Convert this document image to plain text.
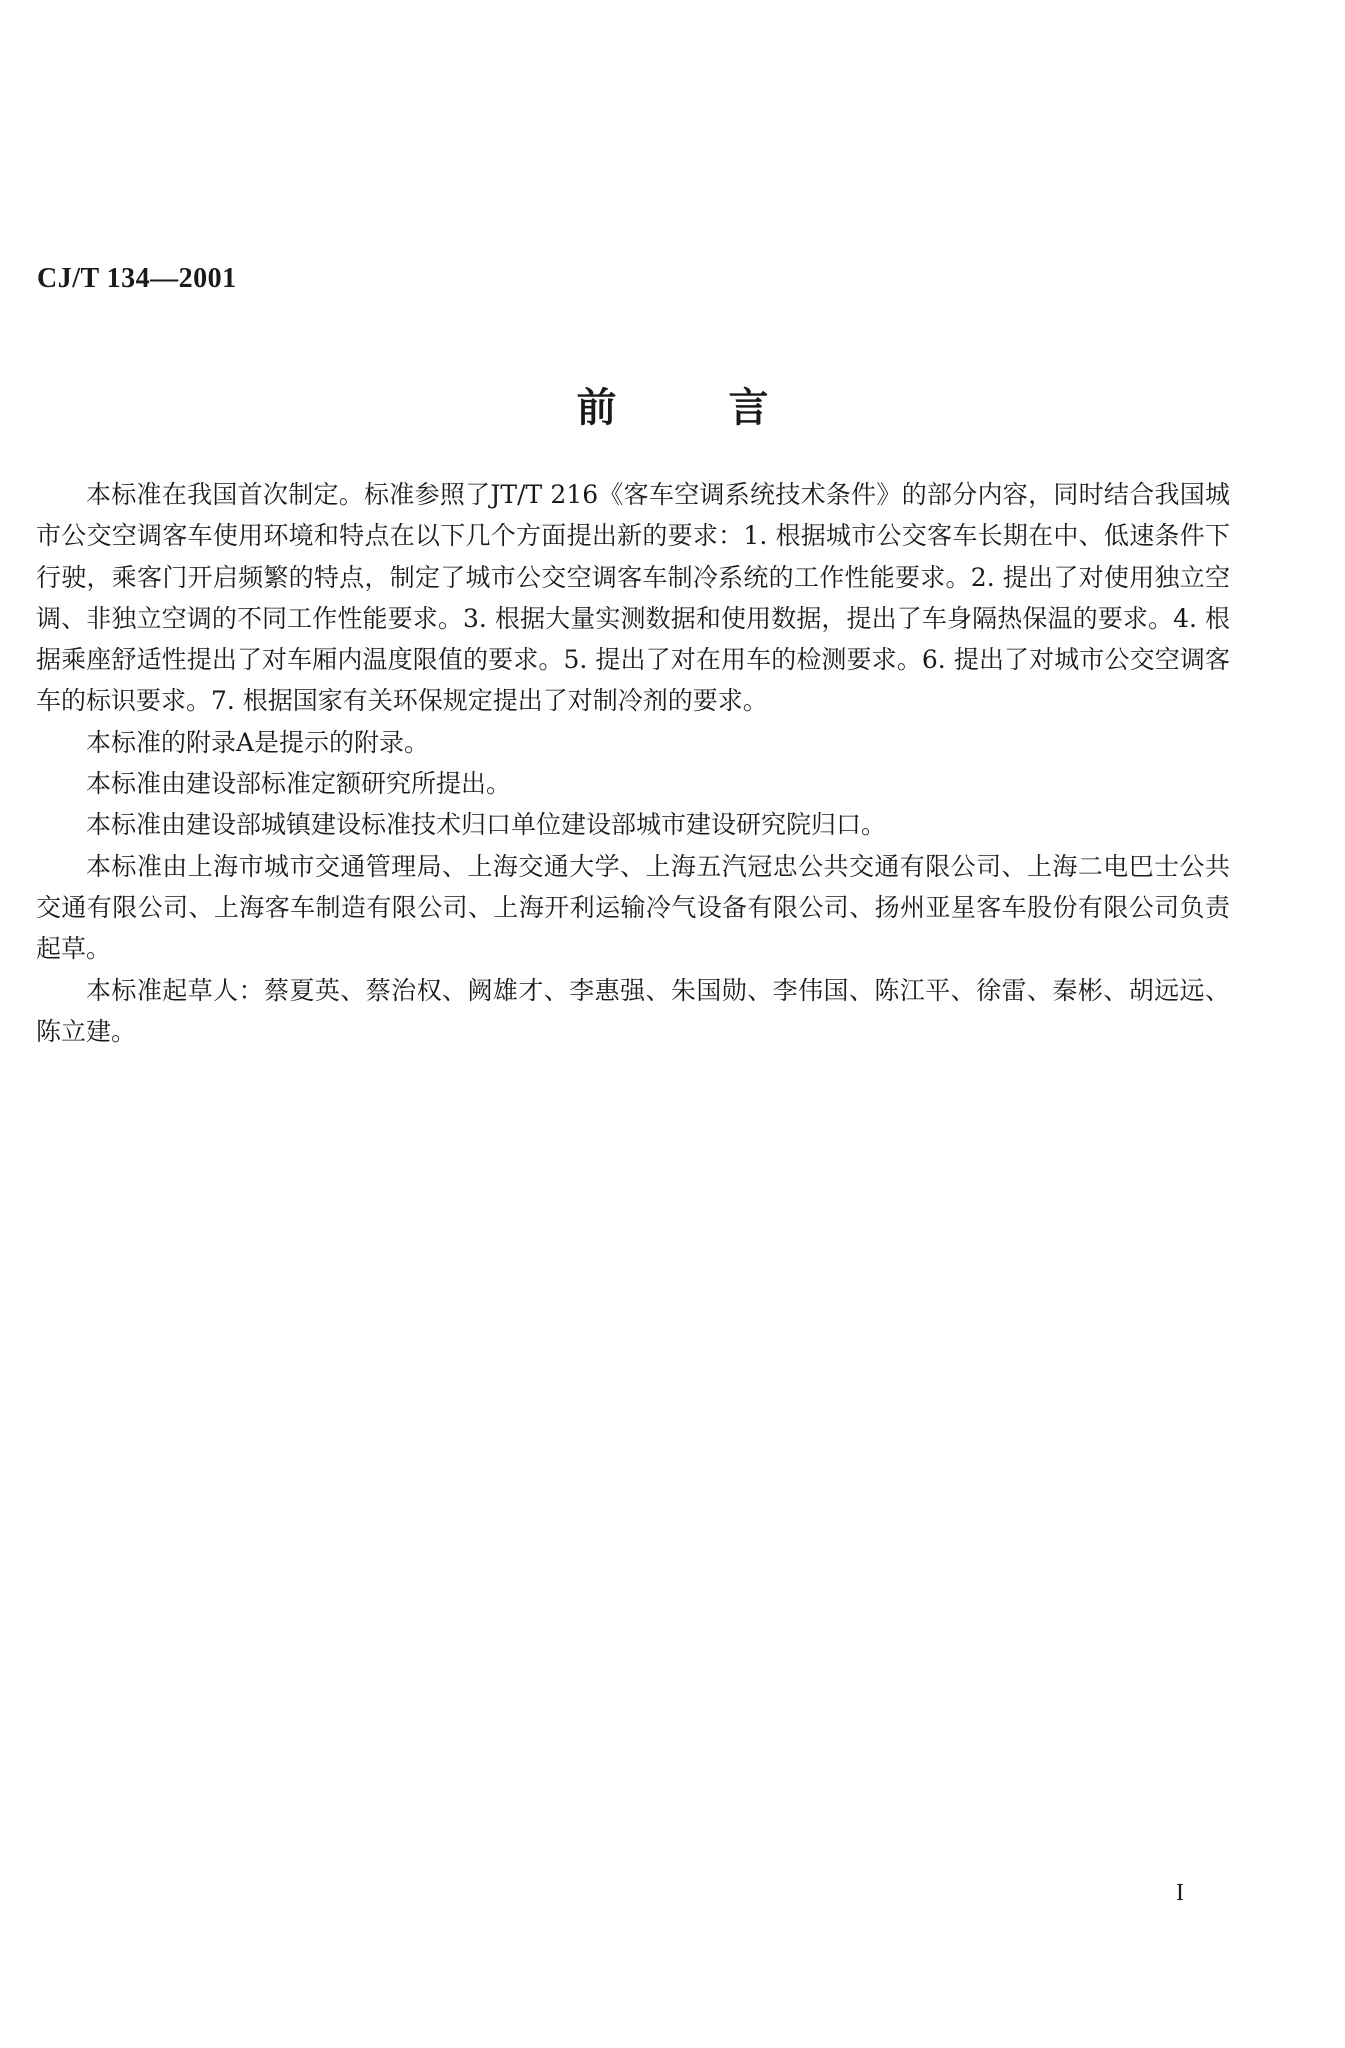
CJ/T 134—2001
前言

本标准在我国首次制定。标准参照了JT/T 216《客车空调系统技术条件》的部分内容，同时结合我国城市公交空调客车使用环境和特点在以下几个方面提出新的要求：1. 根据城市公交客车长期在中、低速条件下行驶，乘客门开启频繁的特点，制定了城市公交空调客车制冷系统的工作性能要求。2. 提出了对使用独立空调、非独立空调的不同工作性能要求。3. 根据大量实测数据和使用数据，提出了车身隔热保温的要求。4. 根据乘座舒适性提出了对车厢内温度限值的要求。5. 提出了对在用车的检测要求。6. 提出了对城市公交空调客车的标识要求。7. 根据国家有关环保规定提出了对制冷剂的要求。

本标准的附录A是提示的附录。

本标准由建设部标准定额研究所提出。

本标准由建设部城镇建设标准技术归口单位建设部城市建设研究院归口。

本标准由上海市城市交通管理局、上海交通大学、上海五汽冠忠公共交通有限公司、上海二电巴士公共交通有限公司、上海客车制造有限公司、上海开利运输冷气设备有限公司、扬州亚星客车股份有限公司负责起草。

本标准起草人：蔡夏英、蔡治权、阙雄才、李惠强、朱国勋、李伟国、陈江平、徐雷、秦彬、胡远远、陈立建。

I
